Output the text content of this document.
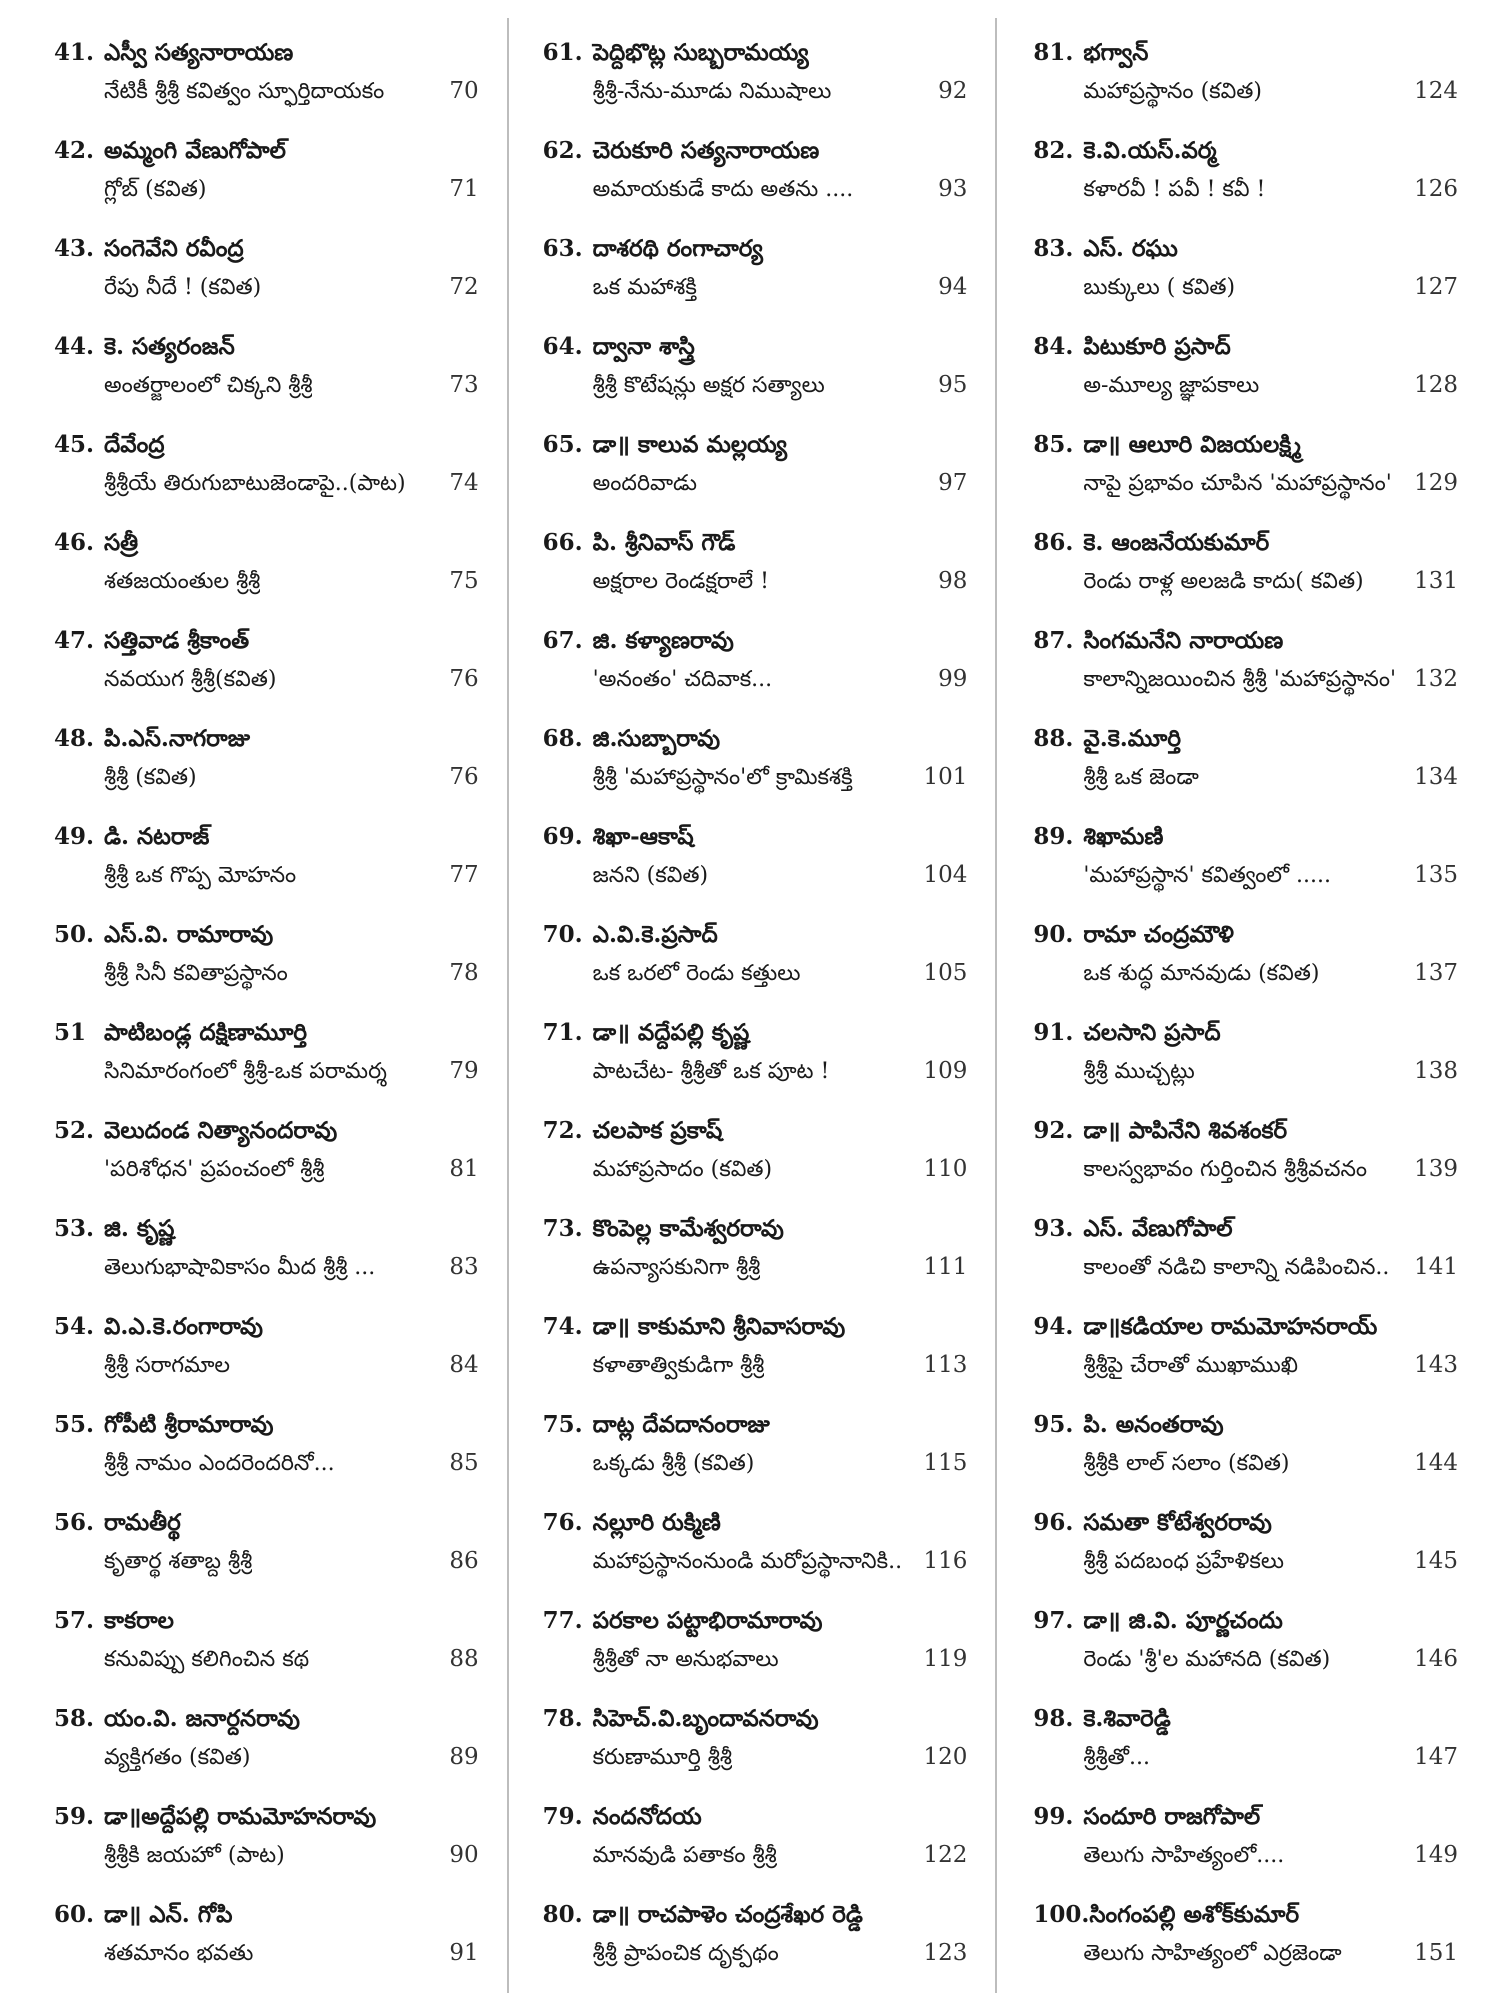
41. ఎస్వీ సత్యనారాయణ
నేటికీ శ్రీశ్రీ కవిత్వం స్ఫూర్తిదాయకం	70
42. అమ్మంగి వేణుగోపాల్
గ్లోబ్ (కవిత)	71
43. సంగెవేని రవీంద్ర
రేపు నీదే ! (కవిత)	72
44. కె. సత్యరంజన్
అంతర్జాలంలో చిక్కని శ్రీశ్రీ	73
45. దేవేంద్ర
శ్రీశ్రీయే తిరుగుబాటుజెండాపై..(పాట)	74
46. సత్రీ
శతజయంతుల శ్రీశ్రీ	75
47. సత్తివాడ శ్రీకాంత్
నవయుగ శ్రీశ్రీ(కవిత)	76
48. పి.ఎస్.నాగరాజు
శ్రీశ్రీ (కవిత)	76
49. డి. నటరాజ్
శ్రీశ్రీ ఒక గొప్ప మోహనం	77
50. ఎస్.వి. రామారావు
శ్రీశ్రీ సినీ కవితాప్రస్థానం	78
51 పాటిబండ్ల దక్షిణామూర్తి
సినిమారంగంలో శ్రీశ్రీ-ఒక పరామర్శ	79
52. వెలుదండ నిత్యానందరావు
'పరిశోధన' ప్రపంచంలో శ్రీశ్రీ	81
53. జి. కృష్ణ
తెలుగుభాషావికాసం మీద శ్రీశ్రీ ...	83
54. వి.ఎ.కె.రంగారావు
శ్రీశ్రీ సరాగమాల	84
55. గోపీటి శ్రీరామారావు
శ్రీశ్రీ నామం ఎందరెందరినో...	85
56. రామతీర్థ
కృతార్థ శతాబ్ద శ్రీశ్రీ	86
57. కాకరాల
కనువిప్పు కలిగించిన కథ	88
58. యం.వి. జనార్దనరావు
వ్యక్తిగతం (కవిత)	89
59. డా॥అద్దేపల్లి రామమోహనరావు
శ్రీశ్రీకి జయహో (పాట)	90
60. డా॥ ఎన్. గోపి
శతమానం భవతు	91
61. పెద్దిభొట్ల సుబ్బరామయ్య
శ్రీశ్రీ-నేను-మూడు నిముషాలు	92
62. చెరుకూరి సత్యనారాయణ
అమాయకుడే కాదు అతను ....	93
63. దాశరథి రంగాచార్య
ఒక మహాశక్తి	94
64. ద్వానా శాస్త్రి
శ్రీశ్రీ కొటేషన్లు అక్షర సత్యాలు	95
65. డా॥ కాలువ మల్లయ్య
అందరివాడు	97
66. పి. శ్రీనివాస్ గౌడ్
అక్షరాల రెండక్షరాలే !	98
67. జి. కళ్యాణరావు
'అనంతం' చదివాక...	99
68. జి.సుబ్బారావు
శ్రీశ్రీ 'మహాప్రస్థానం'లో క్రామికశక్తి	101
69. శిఖా-ఆకాష్
జనని (కవిత)	104
70. ఎ.వి.కె.ప్రసాద్
ఒక ఒరలో రెండు కత్తులు	105
71. డా॥ వద్దేపల్లి కృష్ణ
పాటచేట- శ్రీశ్రీతో ఒక పూట !	109
72. చలపాక ప్రకాష్
మహాప్రసాదం (కవిత)	110
73. కొంపెల్ల కామేశ్వరరావు
ఉపన్యాసకునిగా శ్రీశ్రీ	111
74. డా॥ కాకుమాని శ్రీనివాసరావు
కళాతాత్వికుడిగా శ్రీశ్రీ	113
75. దాట్ల దేవదానంరాజు
ఒక్కడు శ్రీశ్రీ (కవిత)	115
76. నల్లూరి రుక్మిణి
మహాప్రస్థానంనుండి మరోప్రస్థానానికి.. 116
77. పరకాల పట్టాభిరామారావు
శ్రీశ్రీతో నా అనుభవాలు	119
78. సిహెచ్.వి.బృందావనరావు
కరుణామూర్తి శ్రీశ్రీ	120
79. నందనోదయ
మానవుడి పతాకం శ్రీశ్రీ	122
80. డా॥ రాచపాళెం చంద్రశేఖర రెడ్డి
శ్రీశ్రీ ప్రాపంచిక దృక్పథం	123
81. భగ్వాన్
మహాప్రస్థానం (కవిత)	124
82. కె.వి.యస్.వర్మ
కళారవీ ! పవీ ! కవీ !	126
83. ఎస్. రఘు
బుక్కులు ( కవిత)	127
84. పిటుకూరి ప్రసాద్
అ-మూల్య జ్ఞాపకాలు	128
85. డా॥ ఆలూరి విజయలక్ష్మి
నాపై ప్రభావం చూపిన 'మహాప్రస్థానం' 129
86. కె. ఆంజనేయకుమార్
రెండు రాళ్ల అలజడి కాదు( కవిత)	131
87. సింగమనేని నారాయణ
కాలాన్నిజయించిన శ్రీశ్రీ 'మహాప్రస్థానం' 132
88. వై.కె.మూర్తి
శ్రీశ్రీ ఒక జెండా	134
89. శిఖామణి
'మహాప్రస్థాన' కవిత్వంలో .....	135
90. రామా చంద్రమౌళి
ఒక శుద్ధ మానవుడు (కవిత)	137
91. చలసాని ప్రసాద్
శ్రీశ్రీ ముచ్చట్లు	138
92. డా॥ పాపినేని శివశంకర్
కాలస్వభావం గుర్తించిన శ్రీశ్రీవచనం	139
93. ఎస్. వేణుగోపాల్
కాలంతో నడిచి కాలాన్ని నడిపించిన..	141
94. డా॥కడియాల రామమోహనరాయ్
శ్రీశ్రీపై చేరాతో ముఖాముఖి	143
95. పి. అనంతరావు
శ్రీశ్రీకి లాల్ సలాం (కవిత)	144
96. సమతా కోటేశ్వరరావు
శ్రీశ్రీ పదబంధ ప్రహేళికలు	145
97. డా॥ జి.వి. పూర్ణచందు
రెండు 'శ్రీ'ల మహానది (కవిత)	146
98. కె.శివారెడ్డి
శ్రీశ్రీతో...	147
99. సందూరి రాజగోపాల్
తెలుగు సాహిత్యంలో....	149
100.సింగంపల్లి అశోక్‌కుమార్
తెలుగు సాహిత్యంలో ఎర్రజెండా	151
